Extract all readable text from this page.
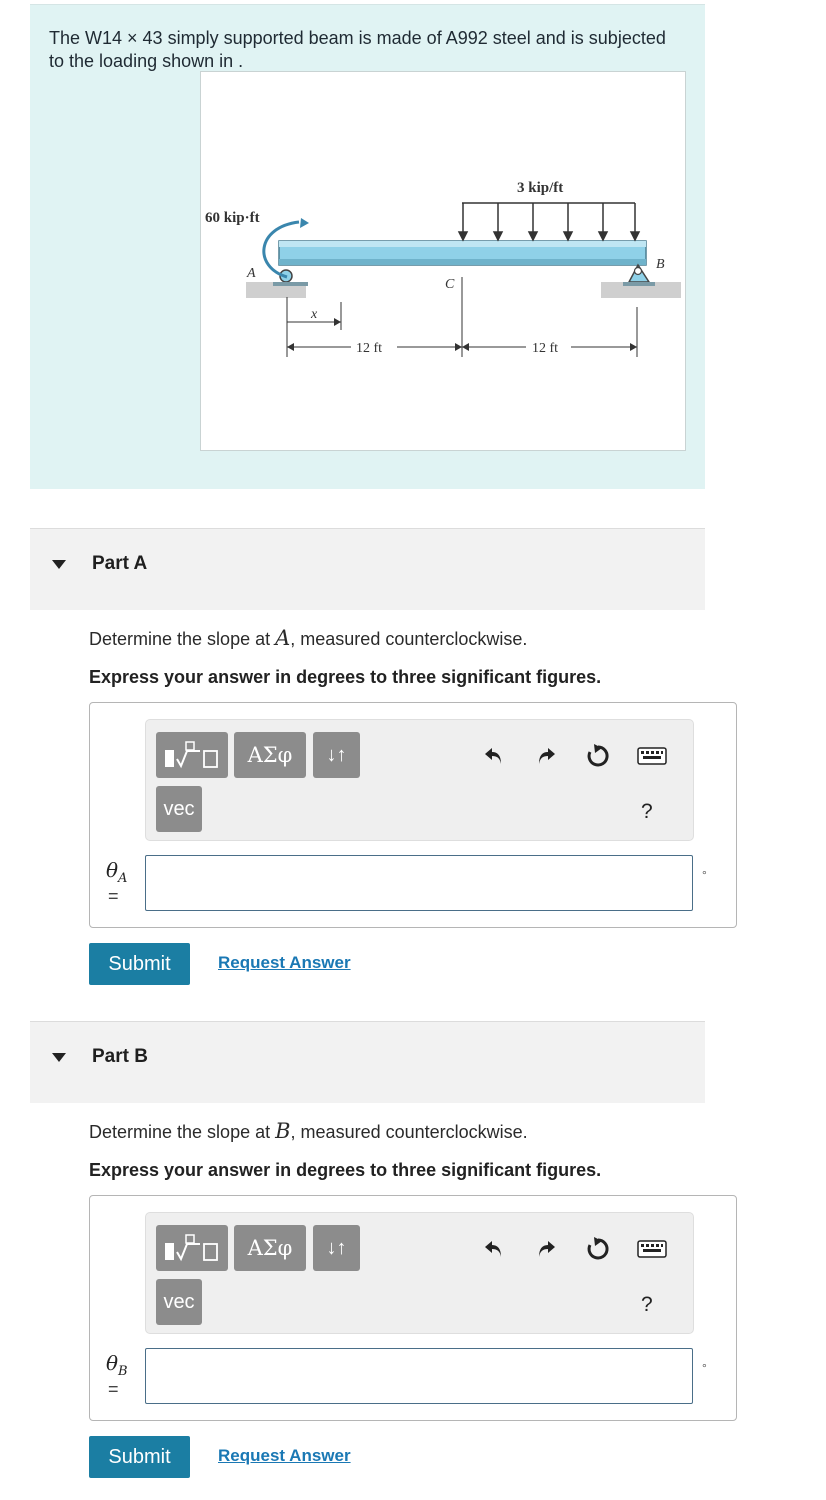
The W14 × 43 simply supported beam is made of A992 steel and is subjected to the loading shown in .
60 kip·ft
3 kip/ft
A
B
C
x
12 ft	12 ft
Part A
Determine the slope at A, measured counterclockwise.
Express your answer in degrees to three significant figures.
ΑΣφ	↓↑
vec	?
$\theta_A$
=
°
Submit	Request Answer
Part B
Determine the slope at B, measured counterclockwise.
Express your answer in degrees to three significant figures.
ΑΣφ	↓↑
vec	?
$\theta_B$
=
°
Submit	Request Answer
